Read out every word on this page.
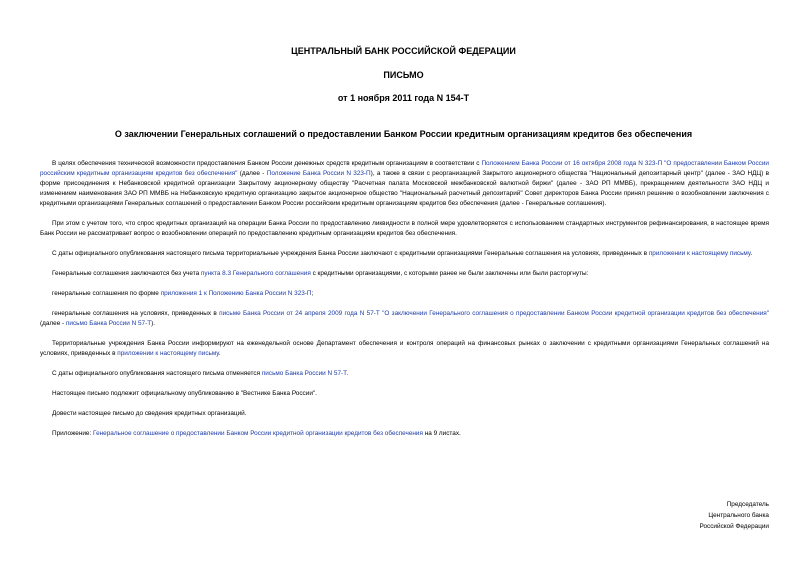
ЦЕНТРАЛЬНЫЙ БАНК РОССИЙСКОЙ ФЕДЕРАЦИИ
ПИСЬМО
от 1 ноября 2011 года N 154-Т
О заключении Генеральных соглашений о предоставлении Банком России кредитным организациям кредитов без обеспечения

В целях обеспечения технической возможности предоставления Банком России денежных средств кредитным организациям в соответствии с Положением Банка России от 16 октября 2008 года N 323-П "О предоставлении Банком России российским кредитным организациям кредитов без обеспечения" (далее - Положение Банка России N 323-П), а также в связи с реорганизацией Закрытого акционерного общества "Национальный депозитарный центр" (далее - ЗАО НДЦ) в форме присоединения к Небанковской кредитной организации Закрытому акционерному обществу "Расчетная палата Московской межбанковской валютной биржи" (далее - ЗАО РП ММВБ), прекращением деятельности ЗАО НДЦ и изменением наименования ЗАО РП ММВБ на Небанковскую кредитную организацию закрытое акционерное общество "Национальный расчетный депозитарий" Совет директоров Банка России принял решение о возобновлении заключения с кредитными организациями Генеральных соглашений о предоставлении Банком России российским кредитным организациям кредитов без обеспечения (далее - Генеральные соглашения).

При этом с учетом того, что спрос кредитных организаций на операции Банка России по предоставлению ликвидности в полной мере удовлетворяется с использованием стандартных инструментов рефинансирования, в настоящее время Банк России не рассматривает вопрос о возобновлении операций по предоставлению кредитным организациям кредитов без обеспечения.

С даты официального опубликования настоящего письма территориальные учреждения Банка России заключают с кредитными организациями Генеральные соглашения на условиях, приведенных в приложении к настоящему письму.

Генеральные соглашения заключаются без учета пункта 8.3 Генерального соглашения с кредитными организациями, с которыми ранее не были заключены или были расторгнуты:

генеральные соглашения по форме приложения 1 к Положению Банка России N 323-П;

генеральные соглашения на условиях, приведенных в письме Банка России от 24 апреля 2009 года N 57-Т "О заключении Генерального соглашения о предоставлении Банком России кредитной организации кредитов без обеспечения" (далее - письмо Банка России N 57-Т).

Территориальные учреждения Банка России информируют на еженедельной основе Департамент обеспечения и контроля операций на финансовых рынках о заключении с кредитными организациями Генеральных соглашений на условиях, приведенных в приложении к настоящему письму.

С даты официального опубликования настоящего письма отменяется письмо Банка России N 57-Т.

Настоящее письмо подлежит официальному опубликованию в "Вестнике Банка России".

Довести настоящее письмо до сведения кредитных организаций.

Приложение: Генеральное соглашение о предоставлении Банком России кредитной организации кредитов без обеспечения на 9 листах.

Председатель
Центрального банка
Российской Федерации
